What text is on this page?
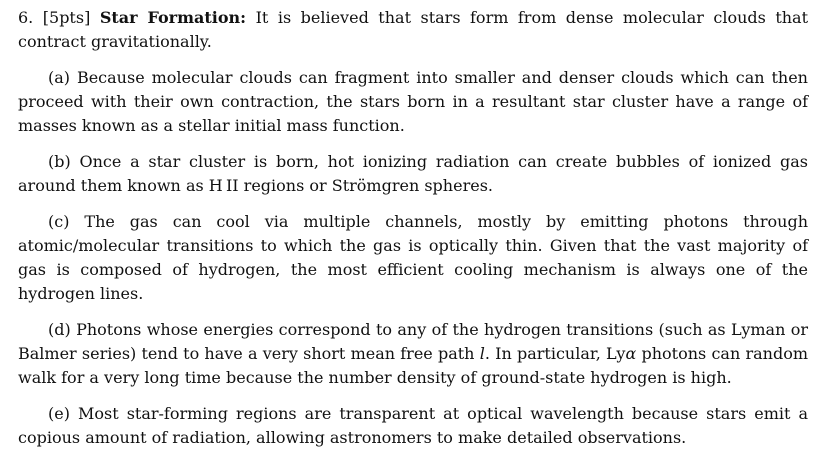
6. [5pts] Star Formation: It is believed that stars form from dense molecular clouds that contract gravitationally.

(a) Because molecular clouds can fragment into smaller and denser clouds which can then proceed with their own contraction, the stars born in a resultant star cluster have a range of masses known as a stellar initial mass function.

(b) Once a star cluster is born, hot ionizing radiation can create bubbles of ionized gas around them known as H  II regions or Strömgren spheres.

(c) The gas can cool via multiple channels, mostly by emitting photons through atomic/molecular transitions to which the gas is optically thin. Given that the vast majority of gas is composed of hydrogen, the most efficient cooling mechanism is always one of the hydrogen lines.

(d) Photons whose energies correspond to any of the hydrogen transitions (such as Lyman or Balmer series) tend to have a very short mean free path l. In particular, Lyα photons can random walk for a very long time because the number density of ground-state hydrogen is high.

(e) Most star-forming regions are transparent at optical wavelength because stars emit a copious amount of radiation, allowing astronomers to make detailed observations.
